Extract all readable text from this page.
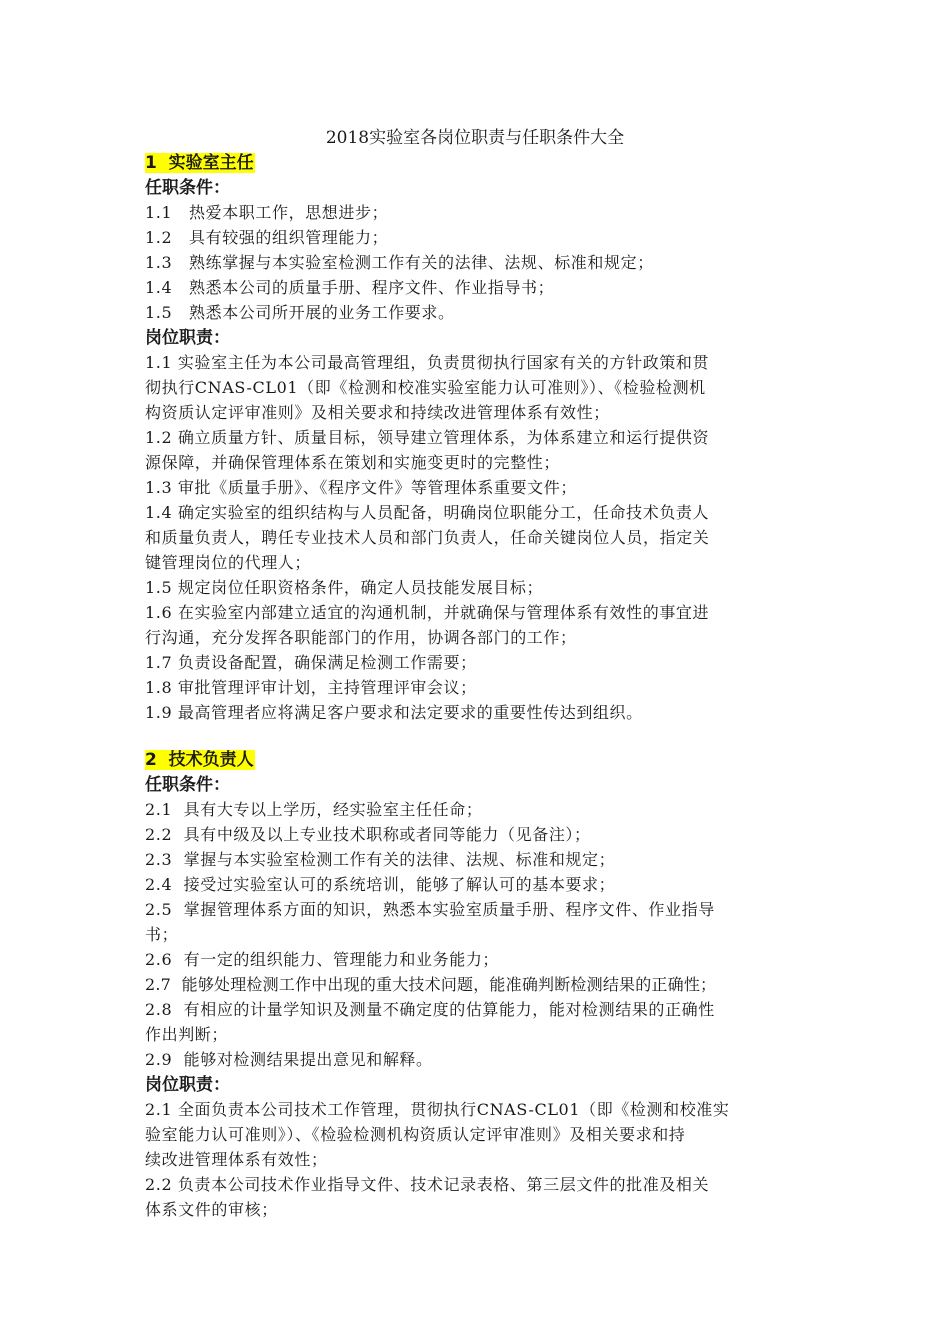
2018实验室各岗位职责与任职条件大全
1  实验室主任
任职条件：
1.1 热爱本职工作，思想进步；
1.2 具有较强的组织管理能力；
1.3 熟练掌握与本实验室检测工作有关的法律、法规、标准和规定；
1.4 熟悉本公司的质量手册、程序文件、作业指导书；
1.5 熟悉本公司所开展的业务工作要求。
岗位职责：
1.1 实验室主任为本公司最高管理组，负责贯彻执行国家有关的方针政策和贯
彻执行CNAS-CL01（即《检测和校准实验室能力认可准则》）、《检验检测机
构资质认定评审准则》及相关要求和持续改进管理体系有效性；
1.2 确立质量方针、质量目标，领导建立管理体系，为体系建立和运行提供资
源保障，并确保管理体系在策划和实施变更时的完整性；
1.3 审批《质量手册》、《程序文件》等管理体系重要文件；
1.4 确定实验室的组织结构与人员配备，明确岗位职能分工，任命技术负责人
和质量负责人，聘任专业技术人员和部门负责人，任命关键岗位人员，指定关
键管理岗位的代理人；
1.5 规定岗位任职资格条件，确定人员技能发展目标；
1.6 在实验室内部建立适宜的沟通机制，并就确保与管理体系有效性的事宜进
行沟通，充分发挥各职能部门的作用，协调各部门的工作；
1.7 负责设备配置，确保满足检测工作需要；
1.8 审批管理评审计划，主持管理评审会议；
1.9 最高管理者应将满足客户要求和法定要求的重要性传达到组织。
2  技术负责人
任职条件：
2.1  具有大专以上学历，经实验室主任任命；
2.2  具有中级及以上专业技术职称或者同等能力（见备注）；
2.3  掌握与本实验室检测工作有关的法律、法规、标准和规定；
2.4  接受过实验室认可的系统培训，能够了解认可的基本要求；
2.5  掌握管理体系方面的知识，熟悉本实验室质量手册、程序文件、作业指导
书；
2.6  有一定的组织能力、管理能力和业务能力；
2.7  能够处理检测工作中出现的重大技术问题，能准确判断检测结果的正确性；
2.8  有相应的计量学知识及测量不确定度的估算能力，能对检测结果的正确性
作出判断；
2.9  能够对检测结果提出意见和解释。
岗位职责：
2.1 全面负责本公司技术工作管理，贯彻执行CNAS-CL01（即《检测和校准实
验室能力认可准则》）、《检验检测机构资质认定评审准则》及相关要求和持
续改进管理体系有效性；
2.2 负责本公司技术作业指导文件、技术记录表格、第三层文件的批准及相关
体系文件的审核；
